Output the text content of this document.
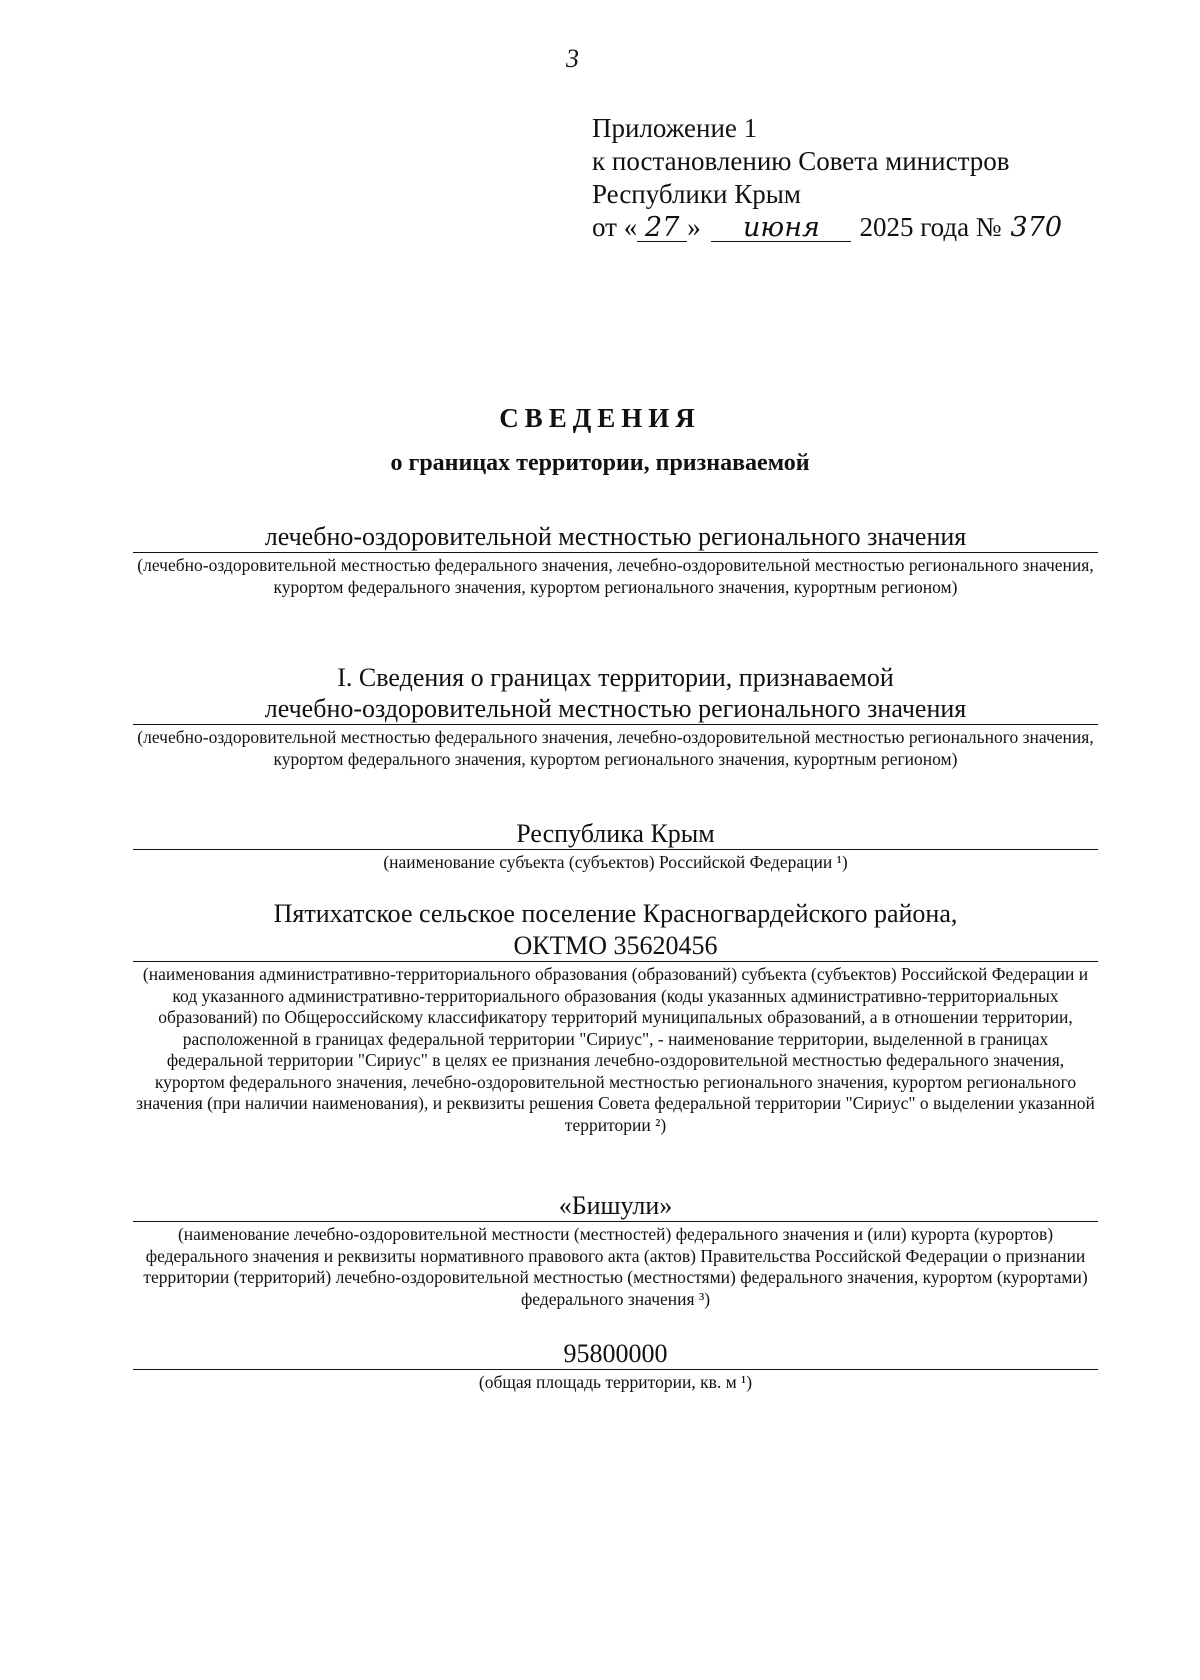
3
Приложение 1
к постановлению Совета министров
Республики Крым
от « 27 » июня 2025 года № 370
СВЕДЕНИЯ
о границах территории, признаваемой
лечебно-оздоровительной местностью регионального значения
(лечебно-оздоровительной местностью федерального значения, лечебно-оздоровительной местностью регионального значения, курортом федерального значения, курортом регионального значения, курортным регионом)
I. Сведения о границах территории, признаваемой
лечебно-оздоровительной местностью регионального значения
(лечебно-оздоровительной местностью федерального значения, лечебно-оздоровительной местностью регионального значения, курортом федерального значения, курортом регионального значения, курортным регионом)
Республика Крым
(наименование субъекта (субъектов) Российской Федерации ¹)
Пятихатское сельское поселение Красногвардейского района,
ОКТМО 35620456
(наименования административно-территориального образования (образований) субъекта (субъектов) Российской Федерации и код указанного административно-территориального образования (коды указанных административно-территориальных образований) по Общероссийскому классификатору территорий муниципальных образований, а в отношении территории, расположенной в границах федеральной территории "Сириус", - наименование территории, выделенной в границах федеральной территории "Сириус" в целях ее признания лечебно-оздоровительной местностью федерального значения, курортом федерального значения, лечебно-оздоровительной местностью регионального значения, курортом регионального значения (при наличии наименования), и реквизиты решения Совета федеральной территории "Сириус" о выделении указанной территории ²)
«Бишули»
(наименование лечебно-оздоровительной местности (местностей) федерального значения и (или) курорта (курортов) федерального значения и реквизиты нормативного правового акта (актов) Правительства Российской Федерации о признании территории (территорий) лечебно-оздоровительной местностью (местностями) федерального значения, курортом (курортами) федерального значения ³)
95800000
(общая площадь территории, кв. м ¹)
